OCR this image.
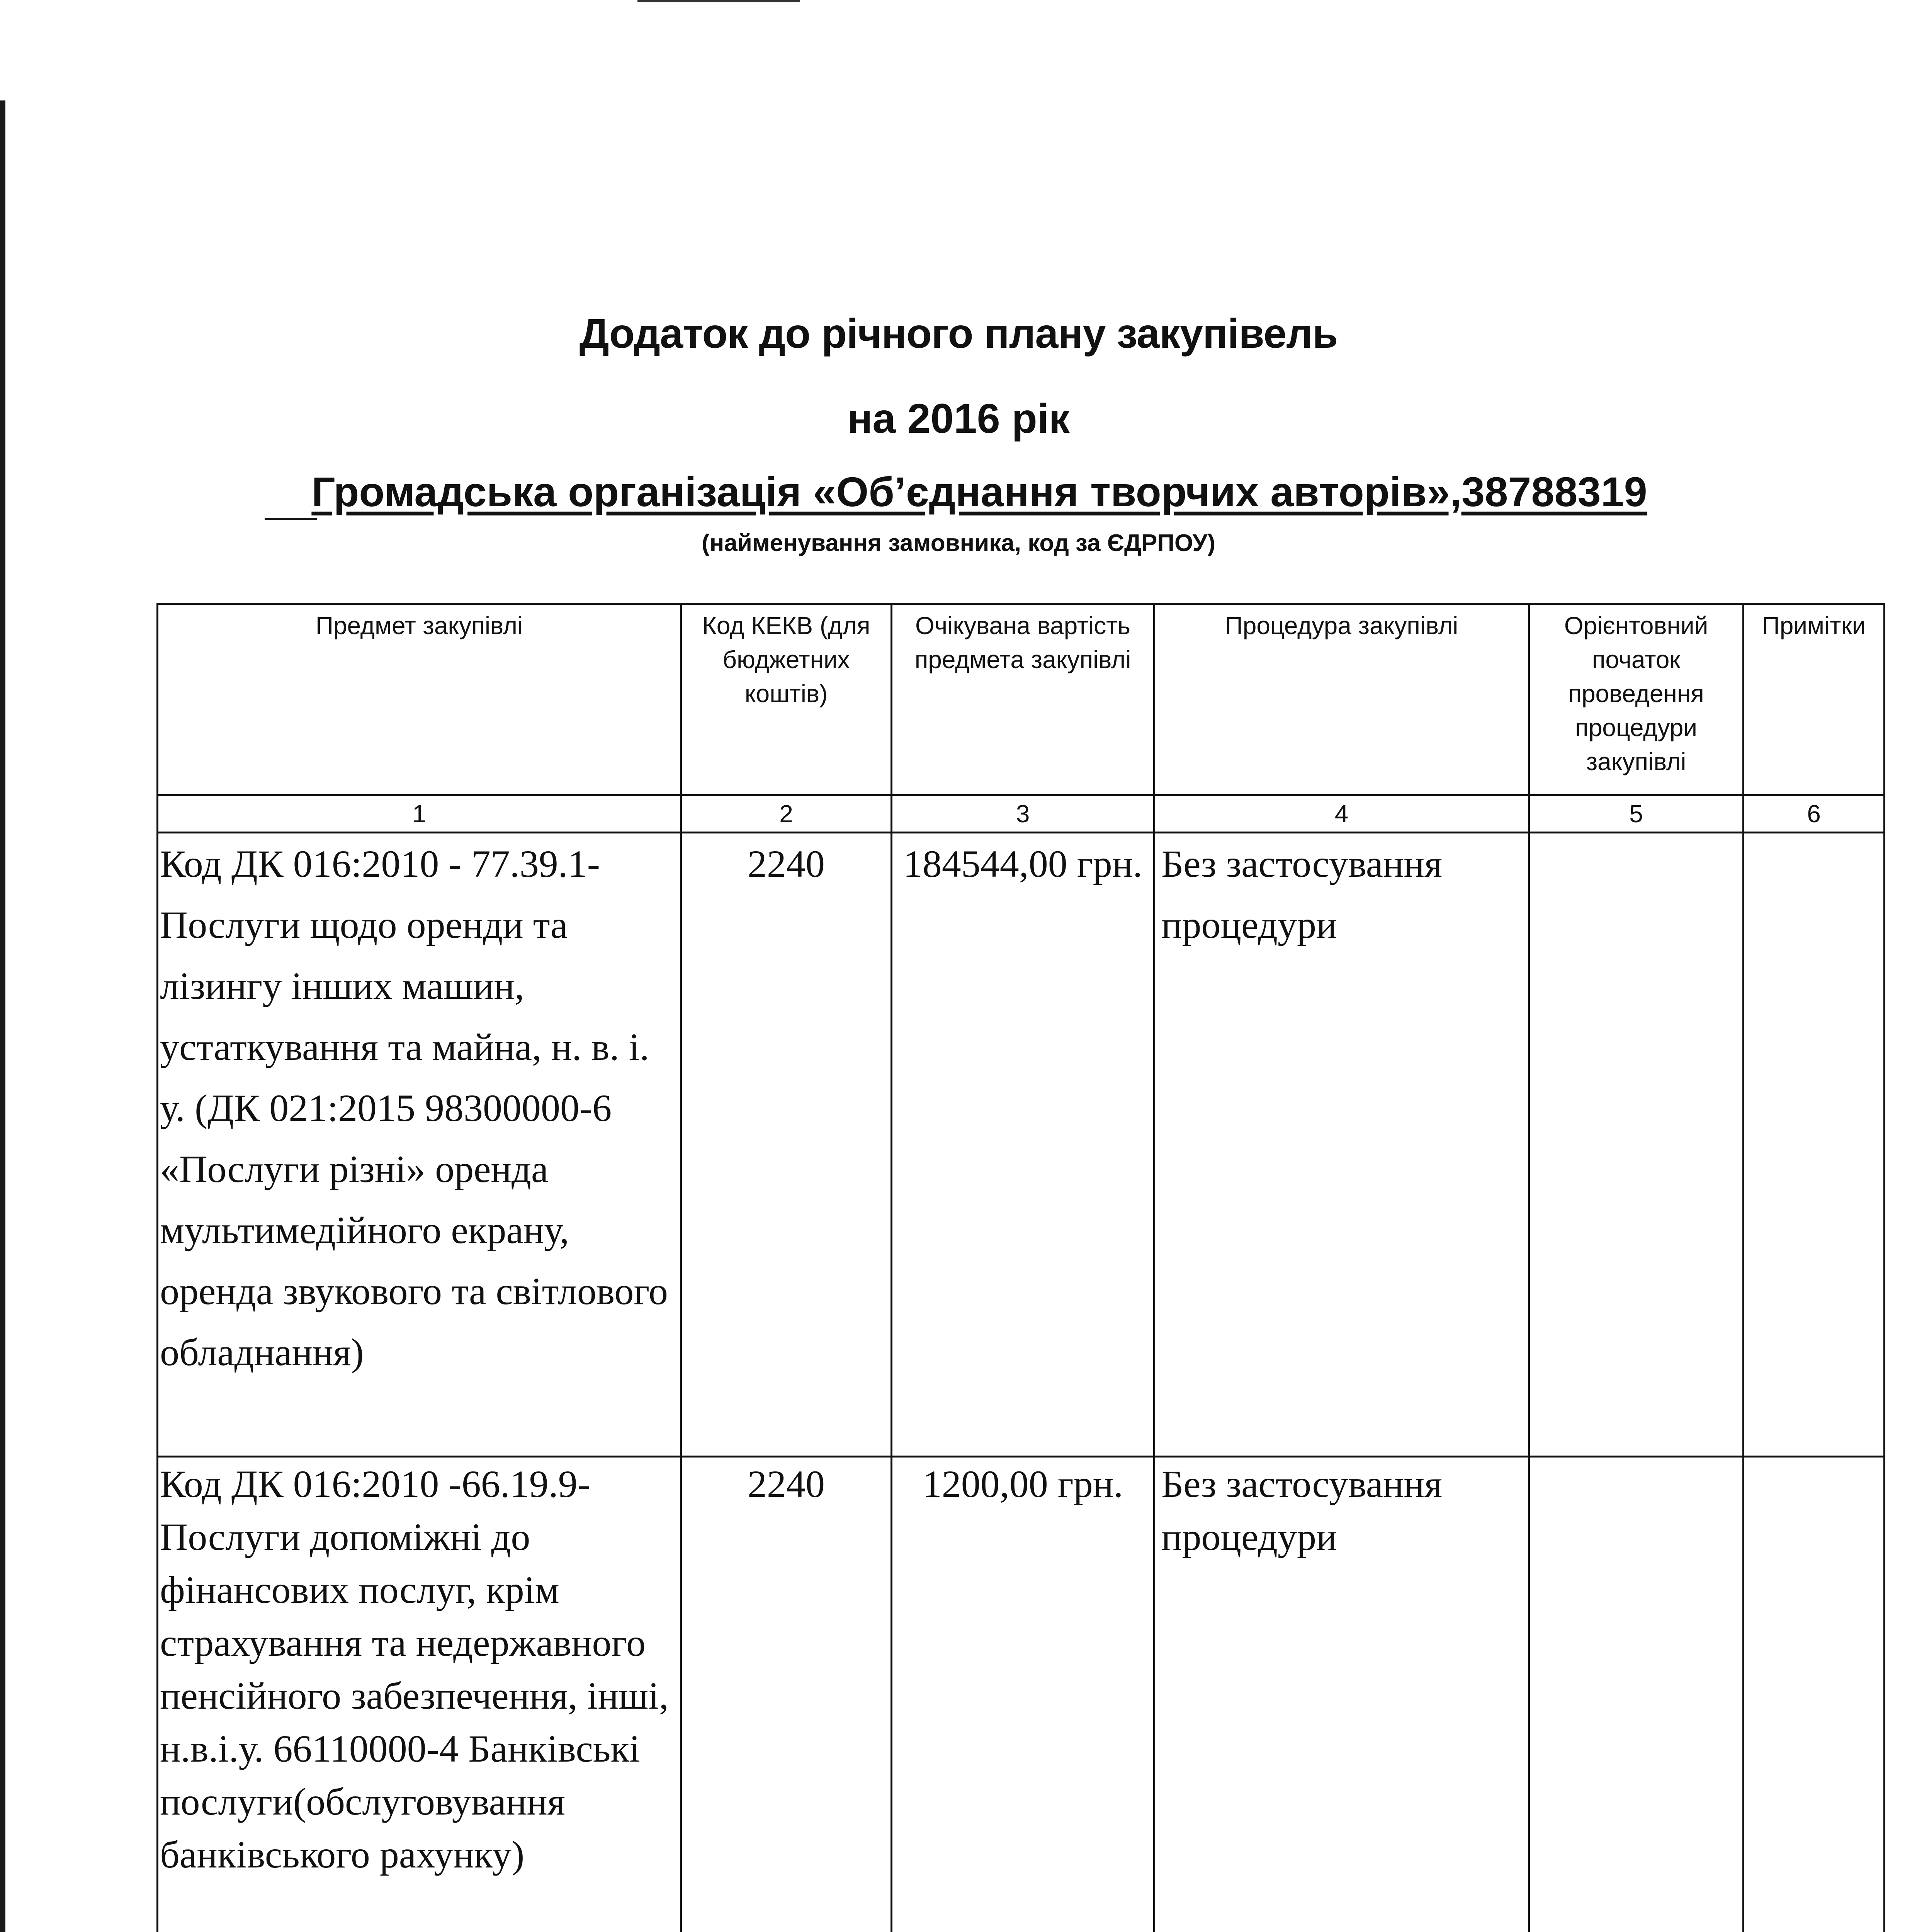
Додаток до річного плану закупівель
на 2016 рік
Громадська організація «Об’єднання творчих авторів»,38788319
(найменування замовника, код за ЄДРПОУ)
Предмет закупівлі	Код КЕКВ (для бюджетних коштів)	Очікувана вартість предмета закупівлі	Процедура закупівлі	Орієнтовний початок проведення процедури закупівлі	Примітки
1	2	3	4	5	6
Код ДК 016:2010 - 77.39.1- Послуги щодо оренди та лізингу інших машин, устаткування та майна, н. в. і. у. (ДК 021:2015 98300000-6 «Послуги різні» оренда мультимедійного екрану, оренда звукового та світлового обладнання)	2240	184544,00 грн.	Без застосування процедури		
Код ДК 016:2010 -66.19.9- Послуги допоміжні до фінансових послуг, крім страхування та недержавного пенсійного забезпечення, інші, н.в.і.у. 66110000-4 Банківські послуги(обслуговування банківського рахунку)	2240	1200,00 грн.	Без застосування процедури		
